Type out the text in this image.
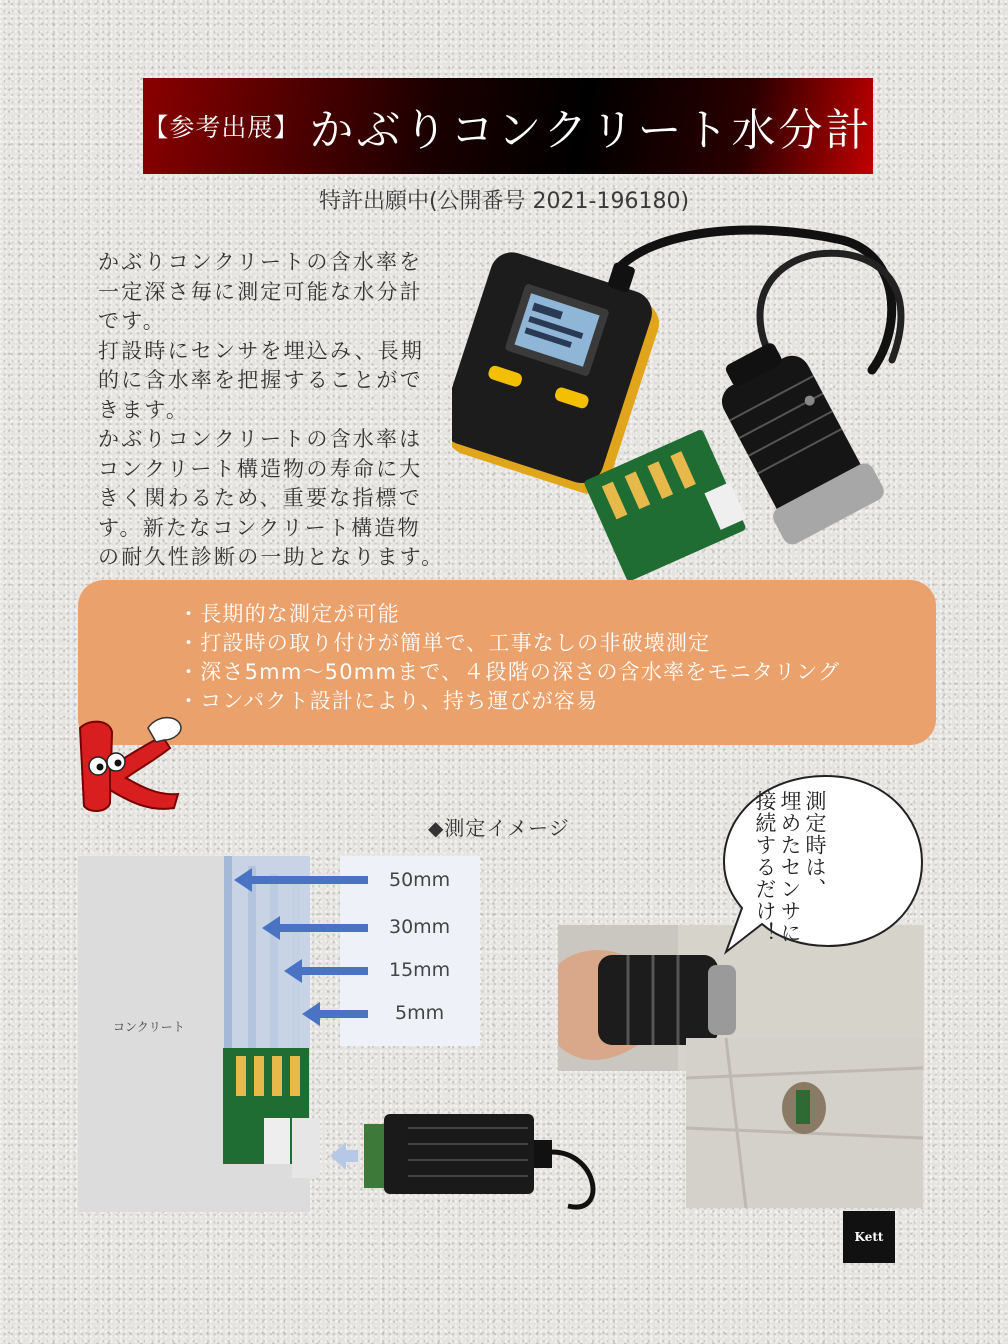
【参考出展】 かぶりコンクリート水分計
特許出願中(公開番号 2021-196180)

かぶりコンクリートの含水率を

一定深さ毎に測定可能な水分計

です。

打設時にセンサを埋込み、長期

的に含水率を把握することがで

きます。

かぶりコンクリートの含水率は

コンクリート構造物の寿命に大

きく関わるため、重要な指標で

す。新たなコンクリート構造物

の耐久性診断の一助となります。

・長期的な測定が可能
・打設時の取り付けが簡単で、工事なしの非破壊測定
・深さ5mm～50mmまで、４段階の深さの含水率をモニタリング
・コンパクト設計により、持ち運びが容易
◆測定イメージ
コンクリート
50mm
30mm
15mm
5mm
測定時は、
埋めたセンサに
接続するだけ！
Kett
